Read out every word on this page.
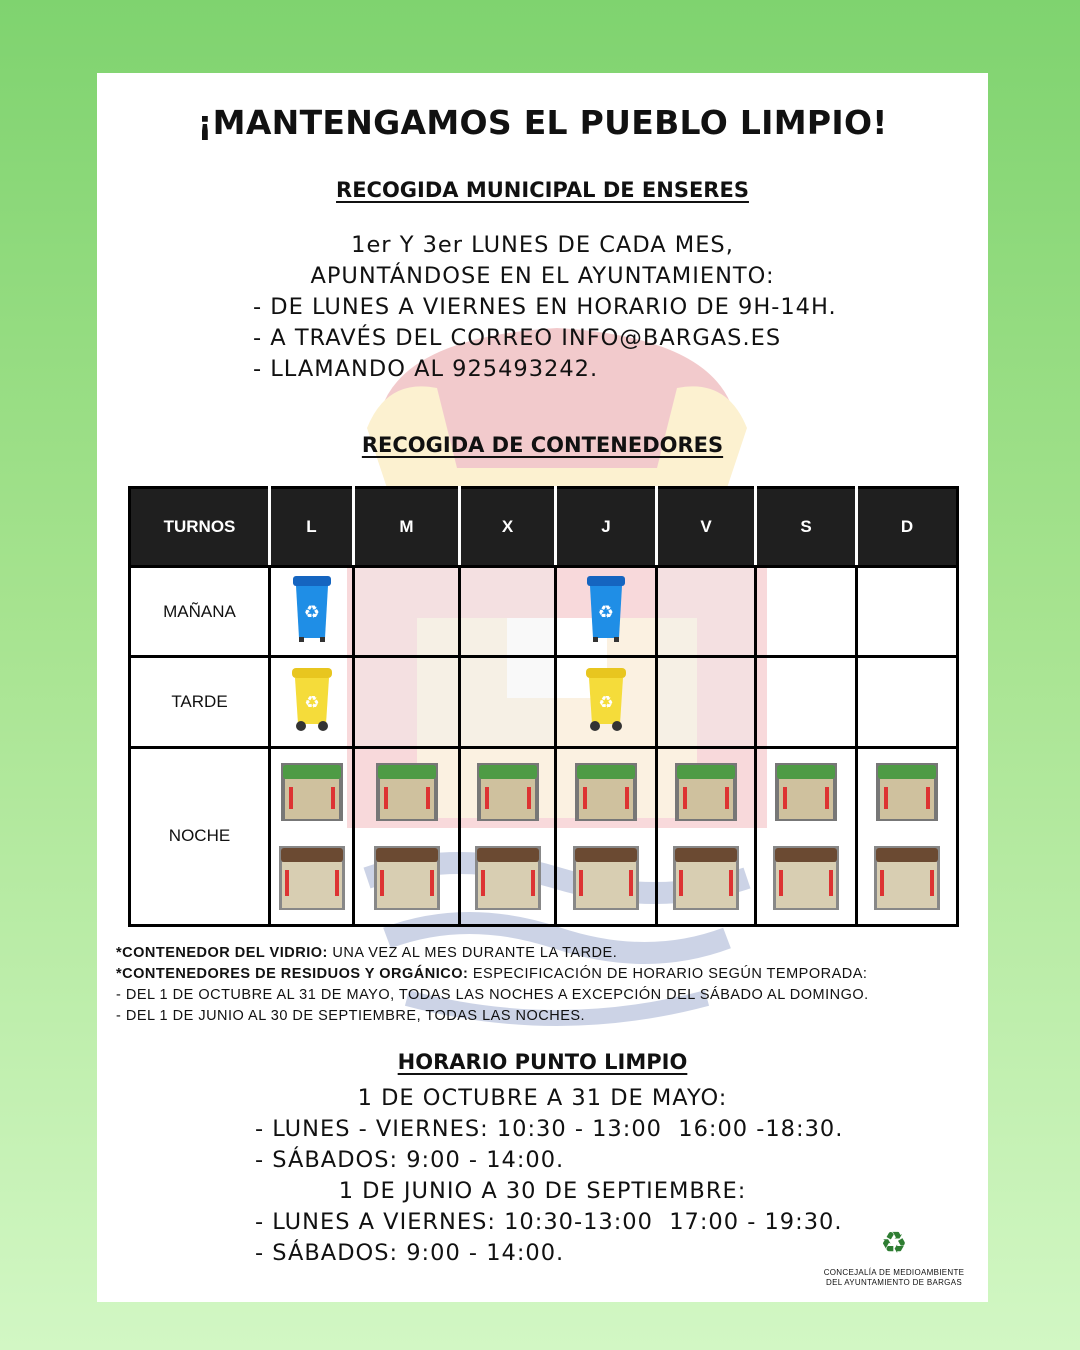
¡MANTENGAMOS EL PUEBLO LIMPIO!
RECOGIDA MUNICIPAL DE ENSERES
1er Y 3er LUNES DE CADA MES,
APUNTÁNDOSE EN EL AYUNTAMIENTO:
- DE LUNES A VIERNES EN HORARIO DE 9H-14H.
- A TRAVÉS DEL CORREO INFO@BARGAS.ES
- LLAMANDO AL 925493242.
RECOGIDA DE CONTENEDORES
TURNOS	L	M	X	J	V	S	D
MAÑANA	♻			♻			

TARDE	♻			♻			

NOCHE	

*CONTENEDOR DEL VIDRIO: UNA VEZ AL MES DURANTE LA TARDE.
*CONTENEDORES DE RESIDUOS Y ORGÁNICO: ESPECIFICACIÓN DE HORARIO SEGÚN TEMPORADA:
- DEL 1 DE OCTUBRE AL 31 DE MAYO, TODAS LAS NOCHES A EXCEPCIÓN DEL SÁBADO AL DOMINGO.
- DEL 1 DE JUNIO AL 30 DE SEPTIEMBRE, TODAS LAS NOCHES.
HORARIO PUNTO LIMPIO
1 DE OCTUBRE A 31 DE MAYO:
- LUNES - VIERNES: 10:30 - 13:00  16:00 -18:30.
- SÁBADOS: 9:00 - 14:00.
1 DE JUNIO A 30 DE SEPTIEMBRE:
- LUNES A VIERNES: 10:30-13:00  17:00 - 19:30.
- SÁBADOS: 9:00 - 14:00.	♻
CONCEJALÍA DE MEDIOAMBIENTE
DEL AYUNTAMIENTO DE BARGAS
